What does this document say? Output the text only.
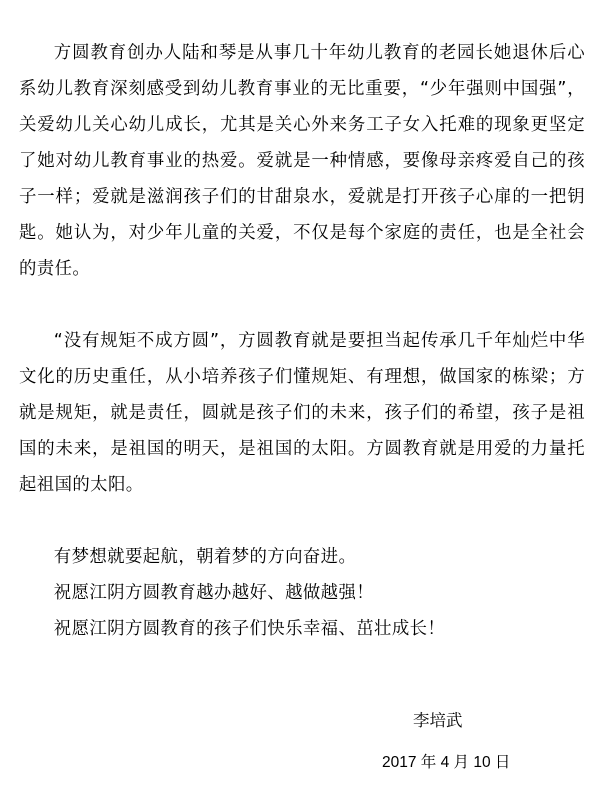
方圆教育创办人陆和琴是从事几十年幼儿教育的老园长她退休后心系幼儿教育深刻感受到幼儿教育事业的无比重要，“少年强则中国强”，关爱幼儿关心幼儿成长，尤其是关心外来务工子女入托难的现象更坚定了她对幼儿教育事业的热爱。爱就是一种情感，要像母亲疼爱自己的孩子一样；爱就是滋润孩子们的甘甜泉水，爱就是打开孩子心扉的一把钥匙。她认为，对少年儿童的关爱，不仅是每个家庭的责任，也是全社会的责任。

“没有规矩不成方圆”，方圆教育就是要担当起传承几千年灿烂中华文化的历史重任，从小培养孩子们懂规矩、有理想，做国家的栋梁；方就是规矩，就是责任，圆就是孩子们的未来，孩子们的希望，孩子是祖国的未来，是祖国的明天，是祖国的太阳。方圆教育就是用爱的力量托起祖国的太阳。

有梦想就要起航，朝着梦的方向奋进。

祝愿江阴方圆教育越办越好、越做越强！

祝愿江阴方圆教育的孩子们快乐幸福、茁壮成长！

李培武

2017 年 4 月 10 日
